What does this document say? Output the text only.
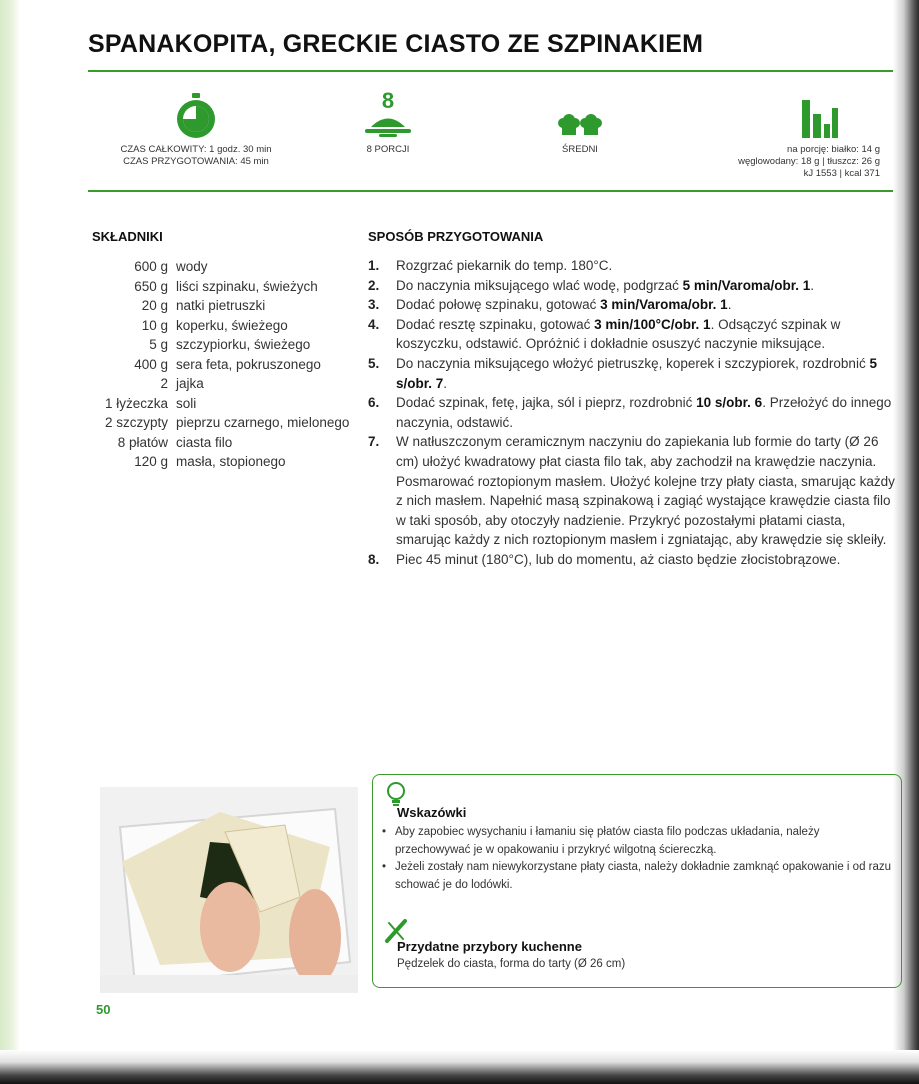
SPANAKOPITA, GRECKIE CIASTO ZE SZPINAKIEM
CZAS CAŁKOWITY: 1 godz. 30 min
CZAS PRZYGOTOWANIA: 45 min
8
8 PORCJI	ŚREDNI	na porcję: białko: 14 g
węglowodany: 18 g | tłuszcz: 26 g
kJ 1553 | kcal 371
SKŁADNIKI
600 g wody
650 g liści szpinaku, świeżych
20 g natki pietruszki
10 g koperku, świeżego
5 g szczypiorku, świeżego
400 g sera feta, pokruszonego
2 jajka
1 łyżeczka soli
2 szczypty pieprzu czarnego, mielonego
8 płatów ciasta filo
120 g masła, stopionego
SPOSÓB PRZYGOTOWANIA
1.	Rozgrzać piekarnik do temp. 180°C.
2.	Do naczynia miksującego wlać wodę, podgrzać 5 min/Varoma/obr. 1.
3.	Dodać połowę szpinaku, gotować 3 min/Varoma/obr. 1.
4.	Dodać resztę szpinaku, gotować 3 min/100°C/obr. 1. Odsączyć szpinak w koszyczku, odstawić. Opróżnić i dokładnie osuszyć naczynie miksujące.
5.	Do naczynia miksującego włożyć pietruszkę, koperek i szczypiorek, rozdrobnić 5 s/obr. 7.
6.	Dodać szpinak, fetę, jajka, sól i pieprz, rozdrobnić 10 s/obr. 6. Przełożyć do innego naczynia, odstawić.
7.	W natłuszczonym ceramicznym naczyniu do zapiekania lub formie do tarty (Ø 26 cm) ułożyć kwadratowy płat ciasta filo tak, aby zachodził na krawędzie naczynia. Posmarować roztopionym masłem. Ułożyć kolejne trzy płaty ciasta, smarując każdy z nich masłem. Napełnić masą szpinakową i zagiąć wystające krawędzie ciasta filo w taki sposób, aby otoczyły nadzienie. Przykryć pozostałymi płatami ciasta, smarując każdy z nich roztopionym masłem i zgniatając, aby krawędzie się skleiły.
8.	Piec 45 minut (180°C), lub do momentu, aż ciasto będzie złocistobrązowe.
Wskazówki
• Aby zapobiec wysychaniu i łamaniu się płatów ciasta filo podczas układania, należy przechowywać je w opakowaniu i przykryć wilgotną ściereczką.
• Jeżeli zostały nam niewykorzystane płaty ciasta, należy dokładnie zamknąć opakowanie i od razu schować je do lodówki.
Przydatne przybory kuchenne

Pędzelek do ciasta, forma do tarty (Ø 26 cm)

50
